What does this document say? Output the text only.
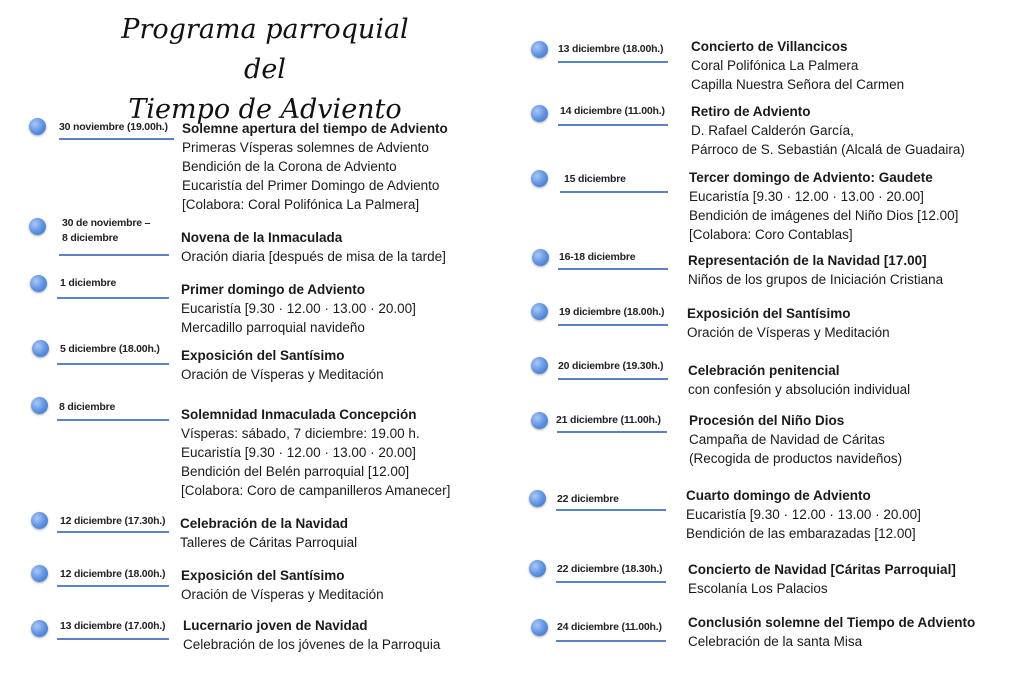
Programa parroquial del
Tiempo de Adviento
30 noviembre (19.00h.) Solemne apertura del tiempo de Adviento
Primeras Vísperas solemnes de Adviento
Bendición de la Corona de Adviento
Eucaristía del Primer Domingo de Adviento
[Colabora: Coral Polifónica La Palmera]
30 de noviembre –
8 diciembre	Novena de la Inmaculada
Oración diaria [después de misa de la tarde]
1 diciembre	Primer domingo de Adviento
Eucaristía [9.30 · 12.00 · 13.00 · 20.00]
Mercadillo parroquial navideño
5 diciembre (18.00h.) Exposición del Santísimo
Oración de Vísperas y Meditación
8 diciembre	Solemnidad Inmaculada Concepción
Vísperas: sábado, 7 diciembre: 19.00 h.
Eucaristía [9.30 · 12.00 · 13.00 · 20.00]
Bendición del Belén parroquial [12.00]
[Colabora: Coro de campanilleros Amanecer]
12 diciembre (17.30h.) Celebración de la Navidad
Talleres de Cáritas Parroquial
12 diciembre (18.00h.) Exposición del Santísimo
Oración de Vísperas y Meditación
13 diciembre (17.00h.) Lucernario joven de Navidad
Celebración de los jóvenes de la Parroquia
13 diciembre (18.00h.) Concierto de Villancicos
Coral Polifónica La Palmera
Capilla Nuestra Señora del Carmen
14 diciembre (11.00h.) Retiro de Adviento
D. Rafael Calderón García,
Párroco de S. Sebastián (Alcalá de Guadaira)
15 diciembre	Tercer domingo de Adviento: Gaudete
Eucaristía [9.30 · 12.00 · 13.00 · 20.00]
Bendición de imágenes del Niño Dios [12.00]
[Colabora: Coro Contablas]
16-18 diciembre	Representación de la Navidad [17.00]
Niños de los grupos de Iniciación Cristiana
19 diciembre (18.00h.) Exposición del Santísimo
Oración de Vísperas y Meditación
20 diciembre (19.30h.) Celebración penitencial
con confesión y absolución individual
21 diciembre (11.00h.) Procesión del Niño Dios
Campaña de Navidad de Cáritas
(Recogida de productos navideños)
22 diciembre	Cuarto domingo de Adviento
Eucaristía [9.30 · 12.00 · 13.00 · 20.00]
Bendición de las embarazadas [12.00]
22 diciembre (18.30h.) Concierto de Navidad [Cáritas Parroquial]
Escolanía Los Palacios
24 diciembre (11.00h.) Conclusión solemne del Tiempo de Adviento
Celebración de la santa Misa
